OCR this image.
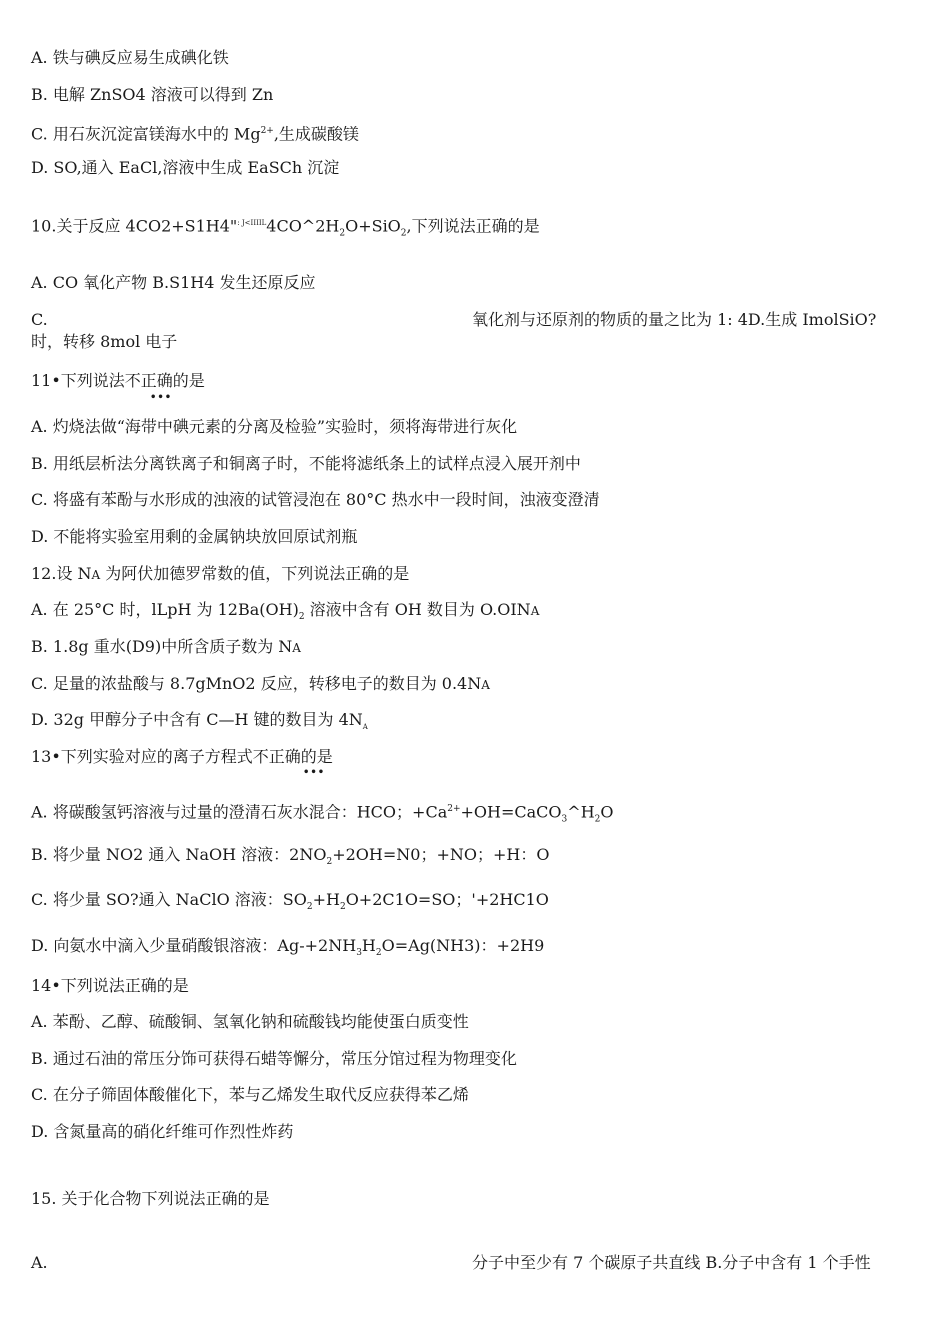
A. 铁与碘反应易生成碘化铁
B. 电解 ZnSO4 溶液可以得到 Zn
C. 用石灰沉淀富镁海水中的 $Mg^{2+}$,生成碳酸镁
D. SO,通入 EaCl,溶液中生成 EaSCh 沉淀
10.关于反应 $4CO2+S1H4"^{: J<IIIIL}4CO\^{}2H_2O+SiO_2$,下列说法正确的是
A. CO 氧化产物 B.S1H4 发生还原反应
C.	氧化剂与还原剂的物质的量之比为 1: 4D.生成 ImolSiO?
时，转移 8mol 电子
11•下列说法不正确的是
•••
A. 灼烧法做“海带中碘元素的分离及检验”实验时，须将海带进行灰化
B. 用纸层析法分离铁离子和铜离子时，不能将滤纸条上的试样点浸入展开剂中
C. 将盛有苯酚与水形成的浊液的试管浸泡在 80°C 热水中一段时间，浊液变澄清
D. 不能将实验室用剩的金属钠块放回原试剂瓶
12.设 NA 为阿伏加德罗常数的值，下列说法正确的是
A. 在 25°C 时，lLpH 为 $12Ba(OH)_2$ 溶液中含有 OH 数目为 O.OINA
B. 1.8g 重水(D9)中所含质子数为 NA
C. 足量的浓盐酸与 8.7gMnO2 反应，转移电子的数目为 0.4NA
D. 32g 甲醇分子中含有 C—H 键的数目为 $4N_A$
13•下列实验对应的离子方程式不正确的是
•••
A. 将碳酸氢钙溶液与过量的澄清石灰水混合：HCO；$+Ca^{2+}+OH=CaCO_3\^{}H_2O$
B. 将少量 NO2 通入 NaOH 溶液：$2NO_2+2OH=N0$；+NO；+H：O
C. 将少量 SO?通入 NaClO 溶液：$SO_2+H_2O+2C1O=SO$；'+2HC1O
D. 向氨水中滴入少量硝酸银溶液：$Ag-+2NH_3H_2O=Ag(NH3)$：+2H9
14•下列说法正确的是
A. 苯酚、乙醇、硫酸铜、氢氧化钠和硫酸钱均能使蛋白质变性
B. 通过石油的常压分饰可获得石蜡等懈分，常压分馆过程为物理变化
C. 在分子筛固体酸催化下，苯与乙烯发生取代反应获得苯乙烯
D. 含氮量高的硝化纤维可作烈性炸药
15. 关于化合物下列说法正确的是
A.	分子中至少有 7 个碳原子共直线 B.分子中含有 1 个手性
